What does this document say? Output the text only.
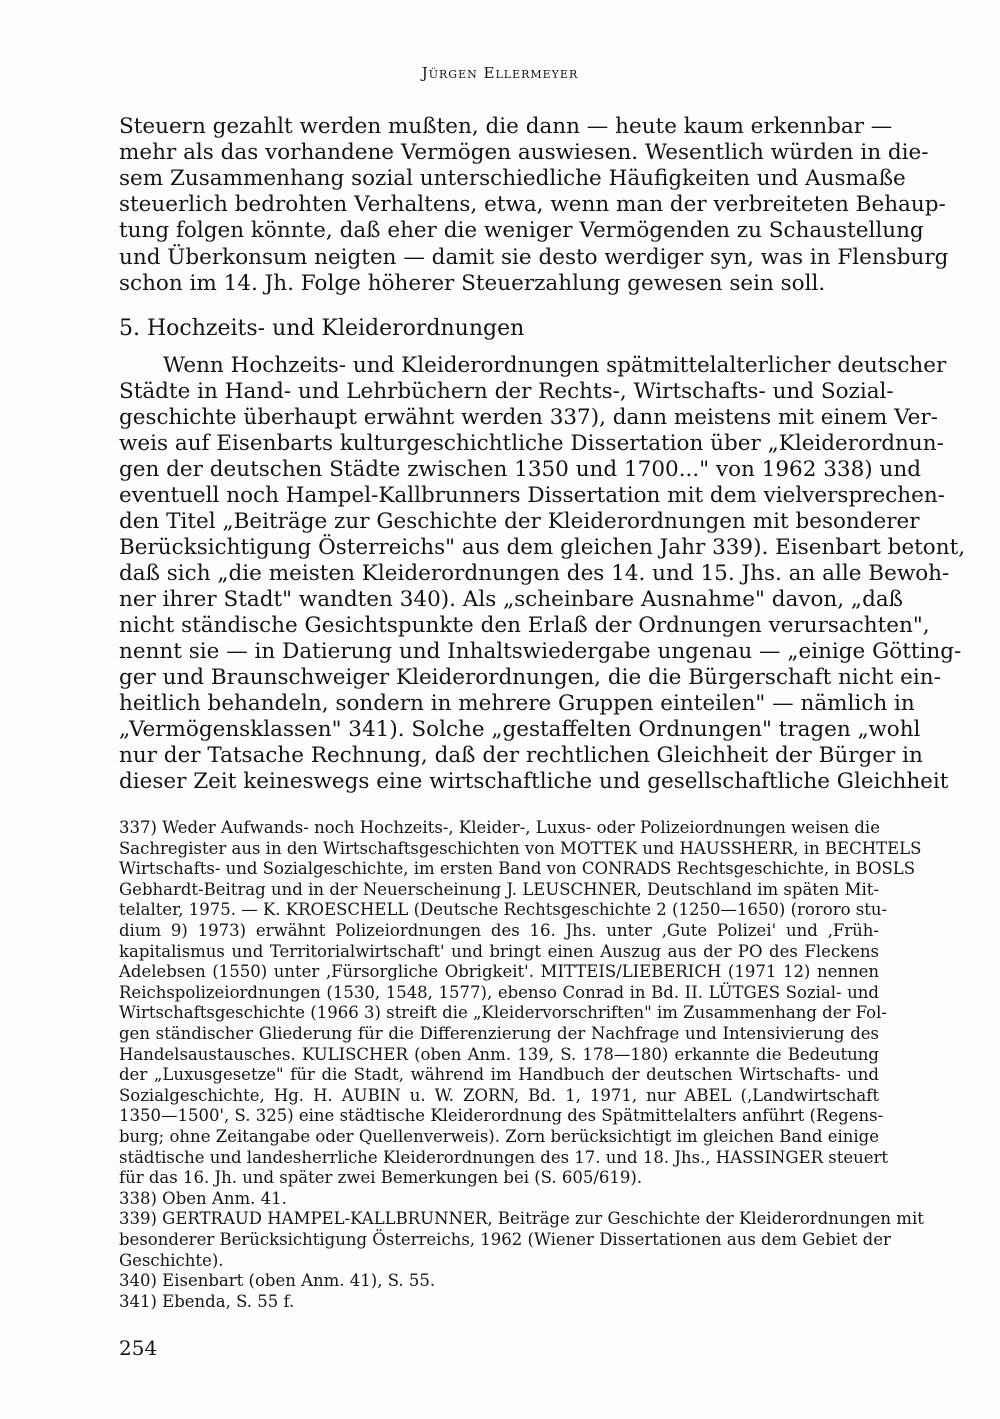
Jürgen Ellermeyer
Steuern gezahlt werden mußten, die dann — heute kaum erkennbar —
mehr als das vorhandene Vermögen auswiesen. Wesentlich würden in die-
sem Zusammenhang sozial unterschiedliche Häufigkeiten und Ausmaße
steuerlich bedrohten Verhaltens, etwa, wenn man der verbreiteten Behaup-
tung folgen könnte, daß eher die weniger Vermögenden zu Schaustellung
und Überkonsum neigten — damit sie desto werdiger syn, was in Flensburg
schon im 14. Jh. Folge höherer Steuerzahlung gewesen sein soll.
5. Hochzeits- und Kleiderordnungen
Wenn Hochzeits- und Kleiderordnungen spätmittelalterlicher deutscher
Städte in Hand- und Lehrbüchern der Rechts-, Wirtschafts- und Sozial-
geschichte überhaupt erwähnt werden 337), dann meistens mit einem Ver-
weis auf Eisenbarts kulturgeschichtliche Dissertation über „Kleiderordnun-
gen der deutschen Städte zwischen 1350 und 1700..." von 1962 338) und
eventuell noch Hampel-Kallbrunners Dissertation mit dem vielversprechen-
den Titel „Beiträge zur Geschichte der Kleiderordnungen mit besonderer
Berücksichtigung Österreichs" aus dem gleichen Jahr 339). Eisenbart betont,
daß sich „die meisten Kleiderordnungen des 14. und 15. Jhs. an alle Bewoh-
ner ihrer Stadt" wandten 340). Als „scheinbare Ausnahme" davon, „daß
nicht ständische Gesichtspunkte den Erlaß der Ordnungen verursachten",
nennt sie — in Datierung und Inhaltswiedergabe ungenau — „einige Götting-
ger und Braunschweiger Kleiderordnungen, die die Bürgerschaft nicht ein-
heitlich behandeln, sondern in mehrere Gruppen einteilen" — nämlich in
„Vermögensklassen" 341). Solche „gestaffelten Ordnungen" tragen „wohl
nur der Tatsache Rechnung, daß der rechtlichen Gleichheit der Bürger in
dieser Zeit keineswegs eine wirtschaftliche und gesellschaftliche Gleichheit
337) Weder Aufwands- noch Hochzeits-, Kleider-, Luxus- oder Polizeiordnungen weisen die
Sachregister aus in den Wirtschaftsgeschichten von MOTTEK und HAUSSHERR, in BECHTELS
Wirtschafts- und Sozialgeschichte, im ersten Band von CONRADS Rechtsgeschichte, in BOSLS
Gebhardt-Beitrag und in der Neuerscheinung J. LEUSCHNER, Deutschland im späten Mit-
telalter, 1975. — K. KROESCHELL (Deutsche Rechtsgeschichte 2 (1250—1650) (rororo stu-
dium 9) 1973) erwähnt Polizeiordnungen des 16. Jhs. unter ‚Gute Polizei' und ‚Früh-
kapitalismus und Territorialwirtschaft' und bringt einen Auszug aus der PO des Fleckens
Adelebsen (1550) unter ‚Fürsorgliche Obrigkeit'. MITTEIS/LIEBERICH (1971 12) nennen
Reichspolizeiordnungen (1530, 1548, 1577), ebenso Conrad in Bd. II. LÜTGES Sozial- und
Wirtschaftsgeschichte (1966 3) streift die „Kleidervorschriften" im Zusammenhang der Fol-
gen ständischer Gliederung für die Differenzierung der Nachfrage und Intensivierung des
Handelsaustausches. KULISCHER (oben Anm. 139, S. 178—180) erkannte die Bedeutung
der „Luxusgesetze" für die Stadt, während im Handbuch der deutschen Wirtschafts- und
Sozialgeschichte, Hg. H. AUBIN u. W. ZORN, Bd. 1, 1971, nur ABEL (‚Landwirtschaft
1350—1500', S. 325) eine städtische Kleiderordnung des Spätmittelalters anführt (Regens-
burg; ohne Zeitangabe oder Quellenverweis). Zorn berücksichtigt im gleichen Band einige
städtische und landesherrliche Kleiderordnungen des 17. und 18. Jhs., HASSINGER steuert
für das 16. Jh. und später zwei Bemerkungen bei (S. 605/619).
338) Oben Anm. 41.
339) GERTRAUD HAMPEL-KALLBRUNNER, Beiträge zur Geschichte der Kleiderordnungen mit
besonderer Berücksichtigung Österreichs, 1962 (Wiener Dissertationen aus dem Gebiet der
Geschichte).
340) Eisenbart (oben Anm. 41), S. 55.
341) Ebenda, S. 55 f.
254
